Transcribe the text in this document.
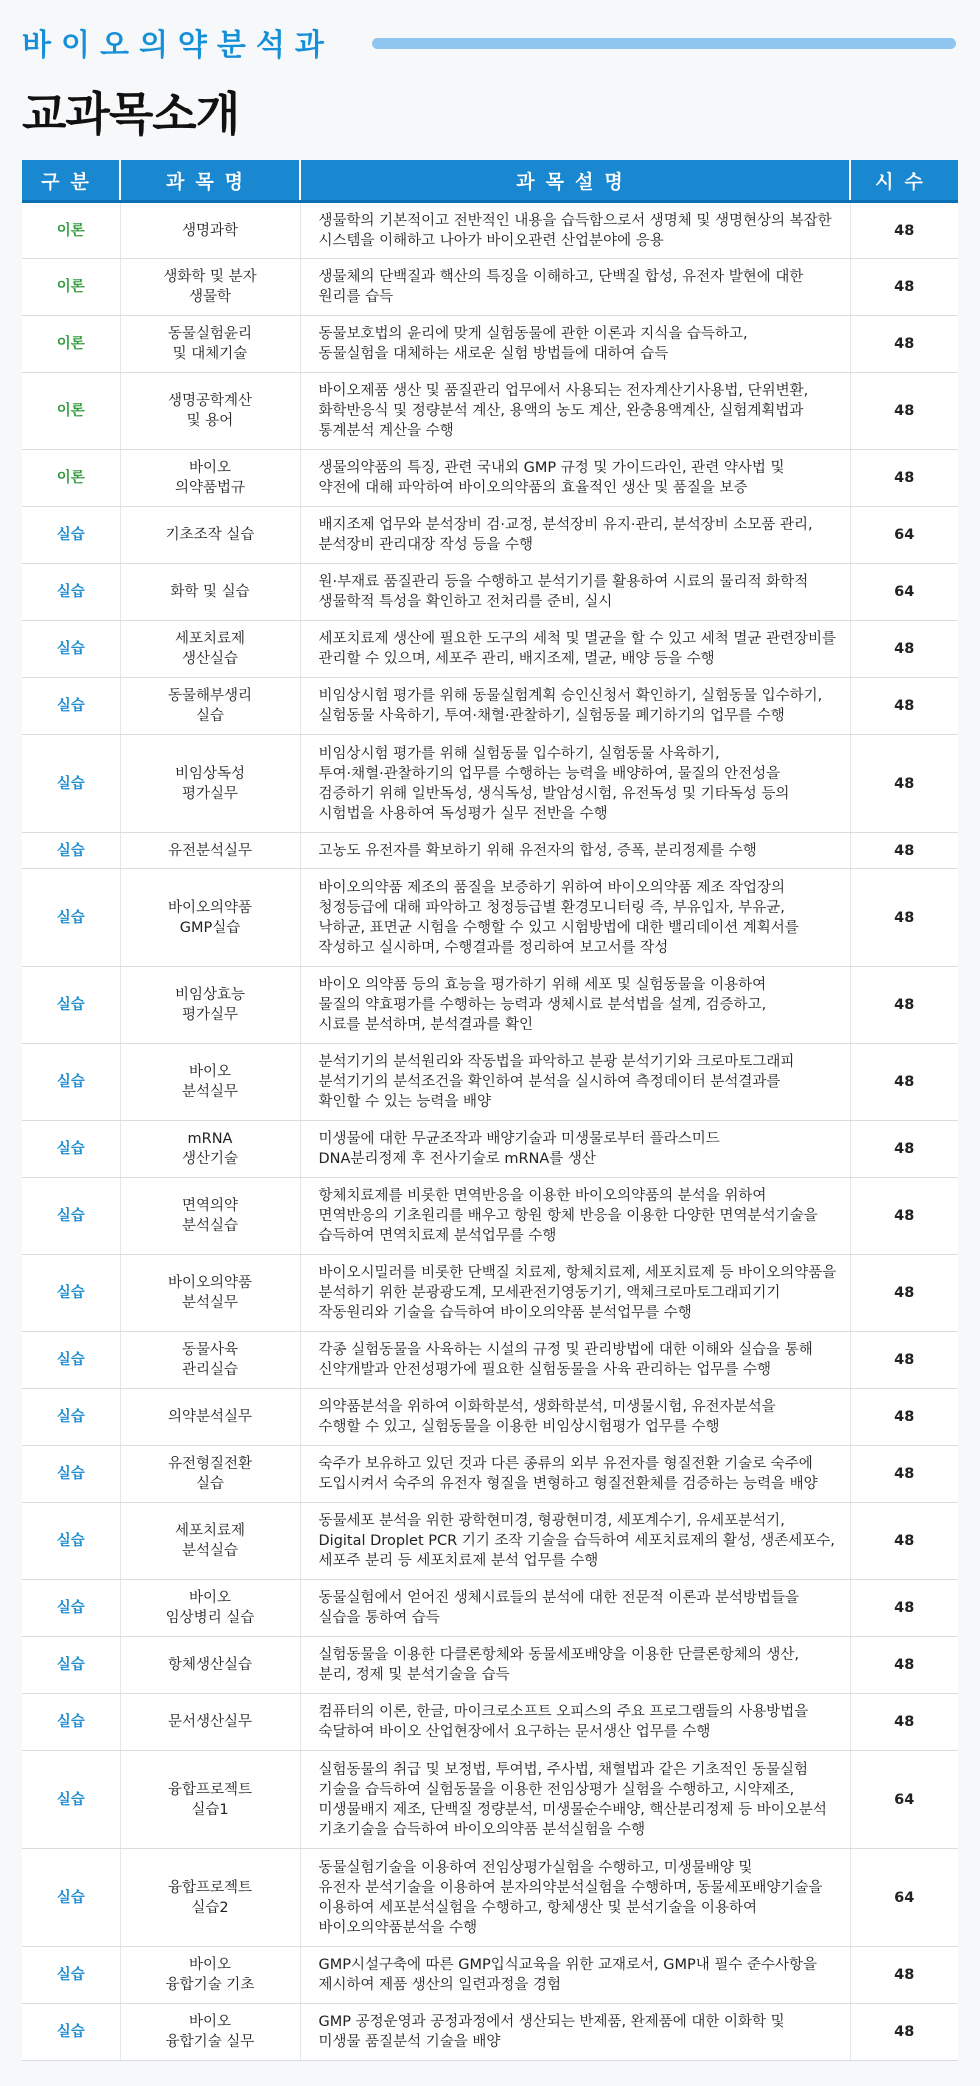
바이오의약분석과
교과목소개
구분	과목명	과목설명	시수
이론	생명과학	생물학의 기본적이고 전반적인 내용을 습득함으로서 생명체 및 생명현상의 복잡한
시스템을 이해하고 나아가 바이오관련 산업분야에 응용	48
이론	생화학 및 분자
생물학	생물체의 단백질과 핵산의 특징을 이해하고, 단백질 합성, 유전자 발현에 대한
원리를 습득	48
이론	동물실험윤리
및 대체기술	동물보호법의 윤리에 맞게 실험동물에 관한 이론과 지식을 습득하고,
동물실험을 대체하는 새로운 실험 방법들에 대하여 습득	48
이론	생명공학계산
및 용어	바이오제품 생산 및 품질관리 업무에서 사용되는 전자계산기사용법, 단위변환,
화학반응식 및 정량분석 계산, 용액의 농도 계산, 완충용액계산, 실험계획법과
통계분석 계산을 수행	48
이론	바이오
의약품법규	생물의약품의 특징, 관련 국내외 GMP 규정 및 가이드라인, 관련 약사법 및
약전에 대해 파악하여 바이오의약품의 효율적인 생산 및 품질을 보증	48
실습	기초조작 실습	배지조제 업무와 분석장비 검·교정, 분석장비 유지·관리, 분석장비 소모품 관리,
분석장비 관리대장 작성 등을 수행	64
실습	화학 및 실습	원·부재료 품질관리 등을 수행하고 분석기기를 활용하여 시료의 물리적 화학적
생물학적 특성을 확인하고 전처리를 준비, 실시	64
실습	세포치료제
생산실습	세포치료제 생산에 필요한 도구의 세척 및 멸균을 할 수 있고 세척 멸균 관련장비를
관리할 수 있으며, 세포주 관리, 배지조제, 멸균, 배양 등을 수행	48
실습	동물해부생리
실습	비임상시험 평가를 위해 동물실험계획 승인신청서 확인하기, 실험동물 입수하기,
실험동물 사육하기, 투여·채혈·관찰하기, 실험동물 폐기하기의 업무를 수행	48
실습	비임상독성
평가실무	비임상시험 평가를 위해 실험동물 입수하기, 실험동물 사육하기,
투여·채혈·관찰하기의 업무를 수행하는 능력을 배양하여, 물질의 안전성을
검증하기 위해 일반독성, 생식독성, 발암성시험, 유전독성 및 기타독성 등의
시험법을 사용하여 독성평가 실무 전반을 수행	48
실습	유전분석실무	고농도 유전자를 확보하기 위해 유전자의 합성, 증폭, 분리정제를 수행	48
실습	바이오의약품
GMP실습	바이오의약품 제조의 품질을 보증하기 위하여 바이오의약품 제조 작업장의
청정등급에 대해 파악하고 청정등급별 환경모니터링 즉, 부유입자, 부유균,
낙하균, 표면균 시험을 수행할 수 있고 시험방법에 대한 밸리데이션 계획서를
작성하고 실시하며, 수행결과를 정리하여 보고서를 작성	48
실습	비임상효능
평가실무	바이오 의약품 등의 효능을 평가하기 위해 세포 및 실험동물을 이용하여
물질의 약효평가를 수행하는 능력과 생체시료 분석법을 설계, 검증하고,
시료를 분석하며, 분석결과를 확인	48
실습	바이오
분석실무	분석기기의 분석원리와 작동법을 파악하고 분광 분석기기와 크로마토그래피
분석기기의 분석조건을 확인하여 분석을 실시하여 측정데이터 분석결과를
확인할 수 있는 능력을 배양	48
실습	mRNA
생산기술	미생물에 대한 무균조작과 배양기술과 미생물로부터 플라스미드
DNA분리정제 후 전사기술로 mRNA를 생산	48
실습	면역의약
분석실습	항체치료제를 비롯한 면역반응을 이용한 바이오의약품의 분석을 위하여
면역반응의 기초원리를 배우고 항원 항체 반응을 이용한 다양한 면역분석기술을
습득하여 면역치료제 분석업무를 수행	48
실습	바이오의약품
분석실무	바이오시밀러를 비롯한 단백질 치료제, 항체치료제, 세포치료제 등 바이오의약품을
분석하기 위한 분광광도계, 모세관전기영동기기, 액체크로마토그래피기기
작동원리와 기술을 습득하여 바이오의약품 분석업무를 수행	48
실습	동물사육
관리실습	각종 실험동물을 사육하는 시설의 규정 및 관리방법에 대한 이해와 실습을 통해
신약개발과 안전성평가에 필요한 실험동물을 사육 관리하는 업무를 수행	48
실습	의약분석실무	의약품분석을 위하여 이화학분석, 생화학분석, 미생물시험, 유전자분석을
수행할 수 있고, 실험동물을 이용한 비임상시험평가 업무를 수행	48
실습	유전형질전환
실습	숙주가 보유하고 있던 것과 다른 종류의 외부 유전자를 형질전환 기술로 숙주에
도입시켜서 숙주의 유전자 형질을 변형하고 형질전환체를 검증하는 능력을 배양	48
실습	세포치료제
분석실습	동물세포 분석을 위한 광학현미경, 형광현미경, 세포계수기, 유세포분석기,
Digital Droplet PCR 기기 조작 기술을 습득하여 세포치료제의 활성, 생존세포수,
세포주 분리 등 세포치료제 분석 업무를 수행	48
실습	바이오
임상병리 실습	동물실험에서 얻어진 생체시료들의 분석에 대한 전문적 이론과 분석방법들을
실습을 통하여 습득	48
실습	항체생산실습	실험동물을 이용한 다클론항체와 동물세포배양을 이용한 단클론항체의 생산,
분리, 정제 및 분석기술을 습득	48
실습	문서생산실무	컴퓨터의 이론, 한글, 마이크로소프트 오피스의 주요 프로그램들의 사용방법을
숙달하여 바이오 산업현장에서 요구하는 문서생산 업무를 수행	48
실습	융합프로젝트
실습1	실험동물의 취급 및 보정법, 투여법, 주사법, 채혈법과 같은 기초적인 동물실험
기술을 습득하여 실험동물을 이용한 전임상평가 실험을 수행하고, 시약제조,
미생물배지 제조, 단백질 정량분석, 미생물순수배양, 핵산분리정제 등 바이오분석
기초기술을 습득하여 바이오의약품 분석실험을 수행	64
실습	융합프로젝트
실습2	동물실험기술을 이용하여 전임상평가실험을 수행하고, 미생물배양 및
유전자 분석기술을 이용하여 분자의약분석실험을 수행하며, 동물세포배양기술을
이용하여 세포분석실험을 수행하고, 항체생산 및 분석기술을 이용하여
바이오의약품분석을 수행	64
실습	바이오
융합기술 기초	GMP시설구축에 따른 GMP입식교육을 위한 교재로서, GMP내 필수 준수사항을
제시하여 제품 생산의 일련과정을 경험	48
실습	바이오
융합기술 실무	GMP 공정운영과 공정과정에서 생산되는 반제품, 완제품에 대한 이화학 및
미생물 품질분석 기술을 배양	48
